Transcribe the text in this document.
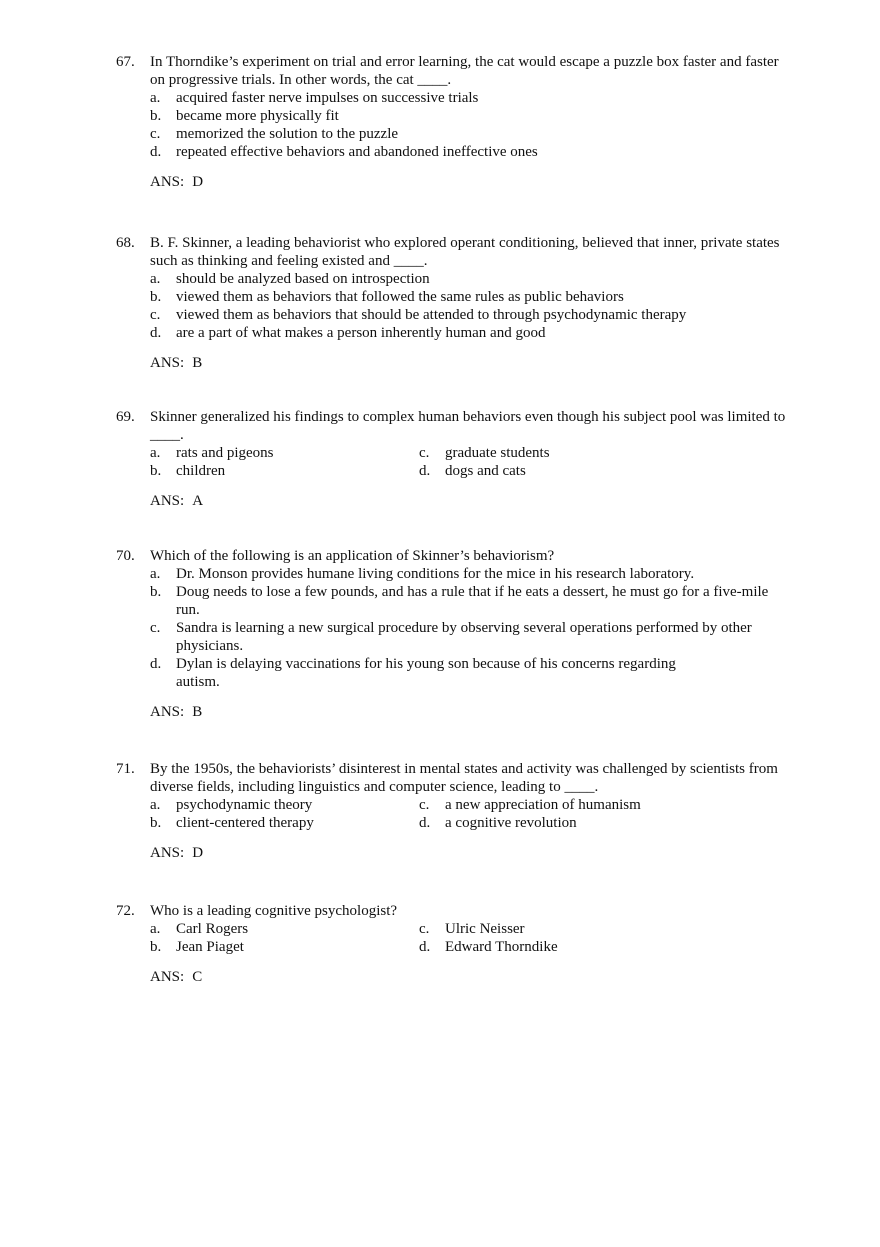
67. In Thorndike’s experiment on trial and error learning, the cat would escape a puzzle box faster and faster on progressive trials. In other words, the cat ____.
a. acquired faster nerve impulses on successive trials
b. became more physically fit
c. memorized the solution to the puzzle
d. repeated effective behaviors and abandoned ineffective ones
ANS: D
68. B. F. Skinner, a leading behaviorist who explored operant conditioning, believed that inner, private states such as thinking and feeling existed and ____.
a. should be analyzed based on introspection
b. viewed them as behaviors that followed the same rules as public behaviors
c. viewed them as behaviors that should be attended to through psychodynamic therapy
d. are a part of what makes a person inherently human and good
ANS: B
69. Skinner generalized his findings to complex human behaviors even though his subject pool was limited to ____.
a. rats and pigeons
b. children
c. graduate students
d. dogs and cats
ANS: A
70. Which of the following is an application of Skinner’s behaviorism?
a. Dr. Monson provides humane living conditions for the mice in his research laboratory.
b. Doug needs to lose a few pounds, and has a rule that if he eats a dessert, he must go for a five-mile run.
c. Sandra is learning a new surgical procedure by observing several operations performed by other physicians.
d. Dylan is delaying vaccinations for his young son because of his concerns regarding autism.
ANS: B
71. By the 1950s, the behaviorists’ disinterest in mental states and activity was challenged by scientists from diverse fields, including linguistics and computer science, leading to ____.
a. psychodynamic theory
b. client-centered therapy
c. a new appreciation of humanism
d. a cognitive revolution
ANS: D
72. Who is a leading cognitive psychologist?
a. Carl Rogers
b. Jean Piaget
c. Ulric Neisser
d. Edward Thorndike
ANS: C
